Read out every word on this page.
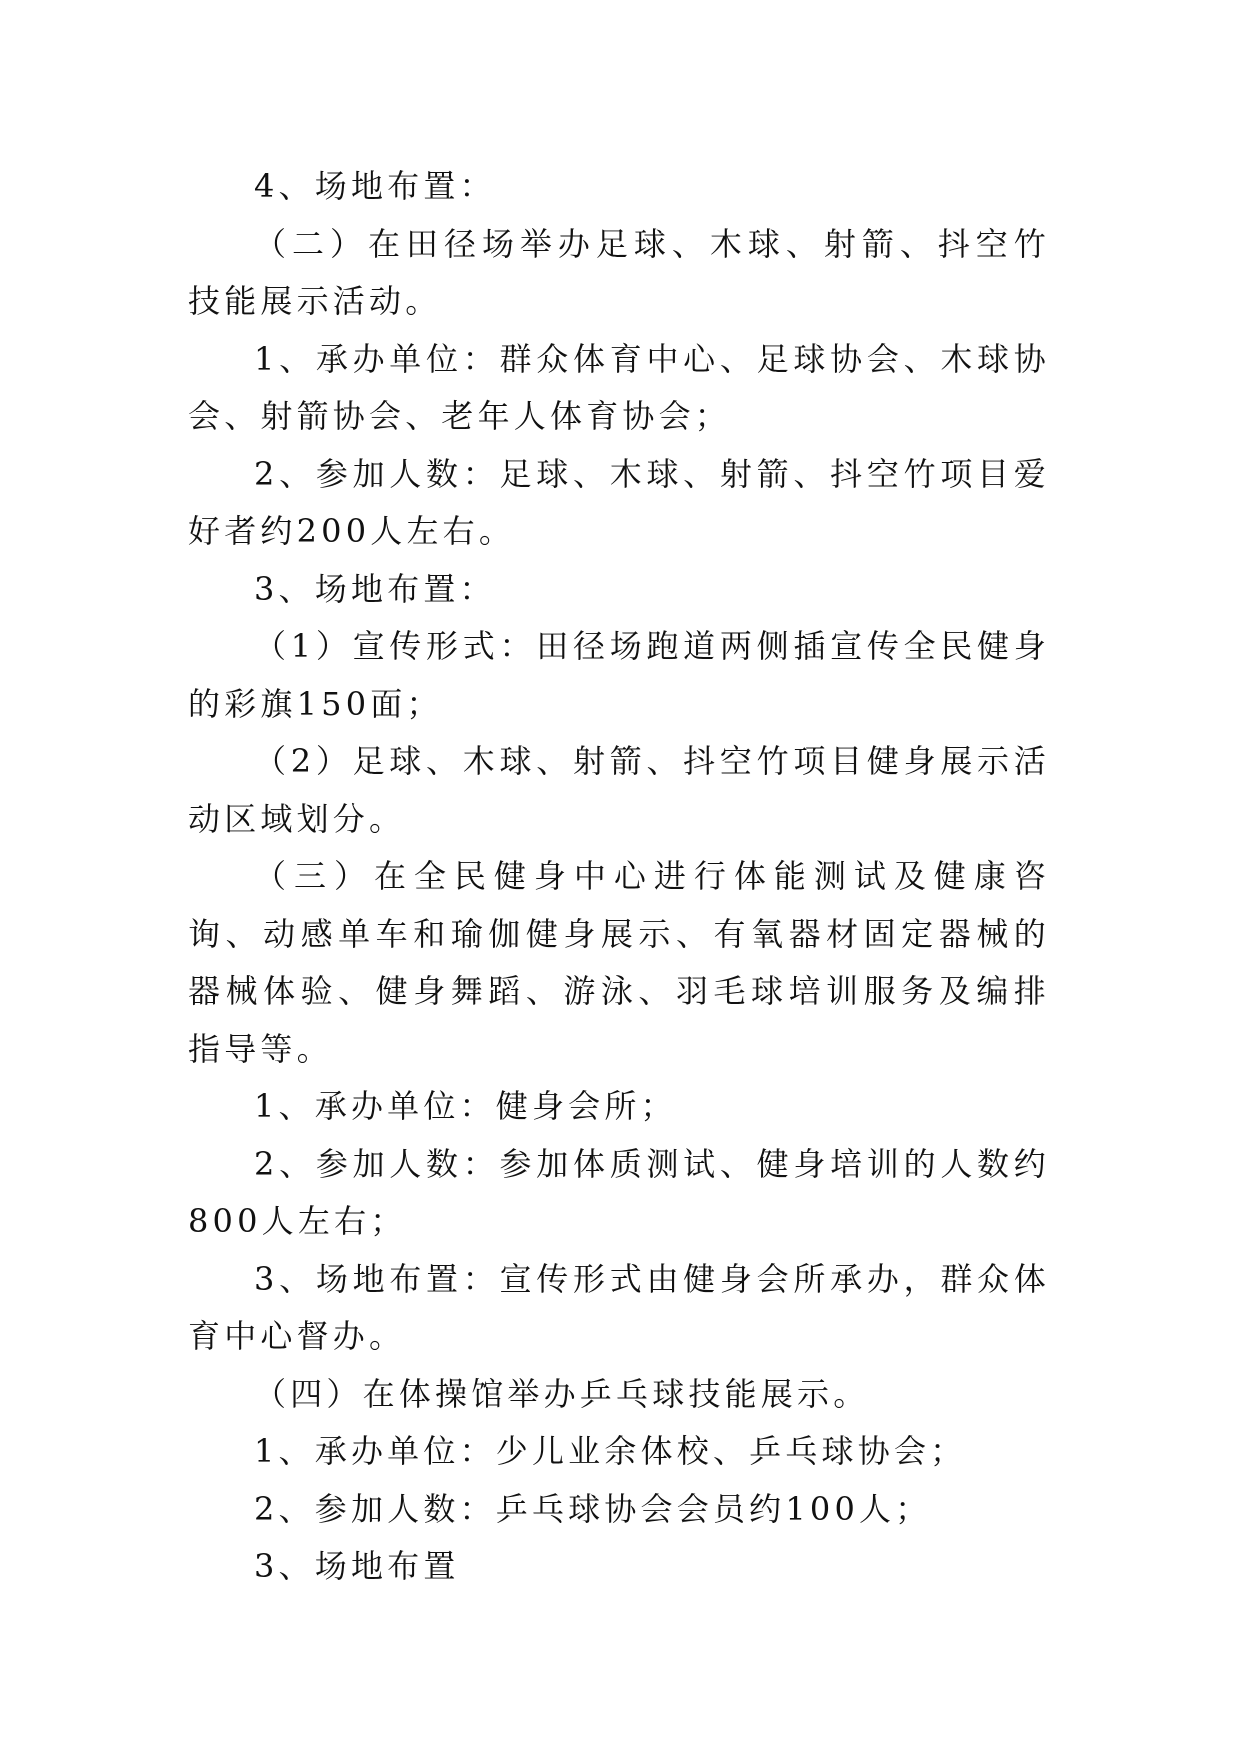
4、场地布置：

（二）在田径场举办足球、木球、射箭、抖空竹技能展示活动。

1、承办单位：群众体育中心、足球协会、木球协会、射箭协会、老年人体育协会；

2、参加人数：足球、木球、射箭、抖空竹项目爱好者约200人左右。

3、场地布置：

（1）宣传形式：田径场跑道两侧插宣传全民健身的彩旗150面；

（2）足球、木球、射箭、抖空竹项目健身展示活动区域划分。

（三）在全民健身中心进行体能测试及健康咨询、动感单车和瑜伽健身展示、有氧器材固定器械的器械体验、健身舞蹈、游泳、羽毛球培训服务及编排指导等。

1、承办单位：健身会所；

2、参加人数：参加体质测试、健身培训的人数约800人左右；

3、场地布置：宣传形式由健身会所承办，群众体育中心督办。

（四）在体操馆举办乒乓球技能展示。

1、承办单位：少儿业余体校、乒乓球协会；

2、参加人数：乒乓球协会会员约100人；

3、场地布置
